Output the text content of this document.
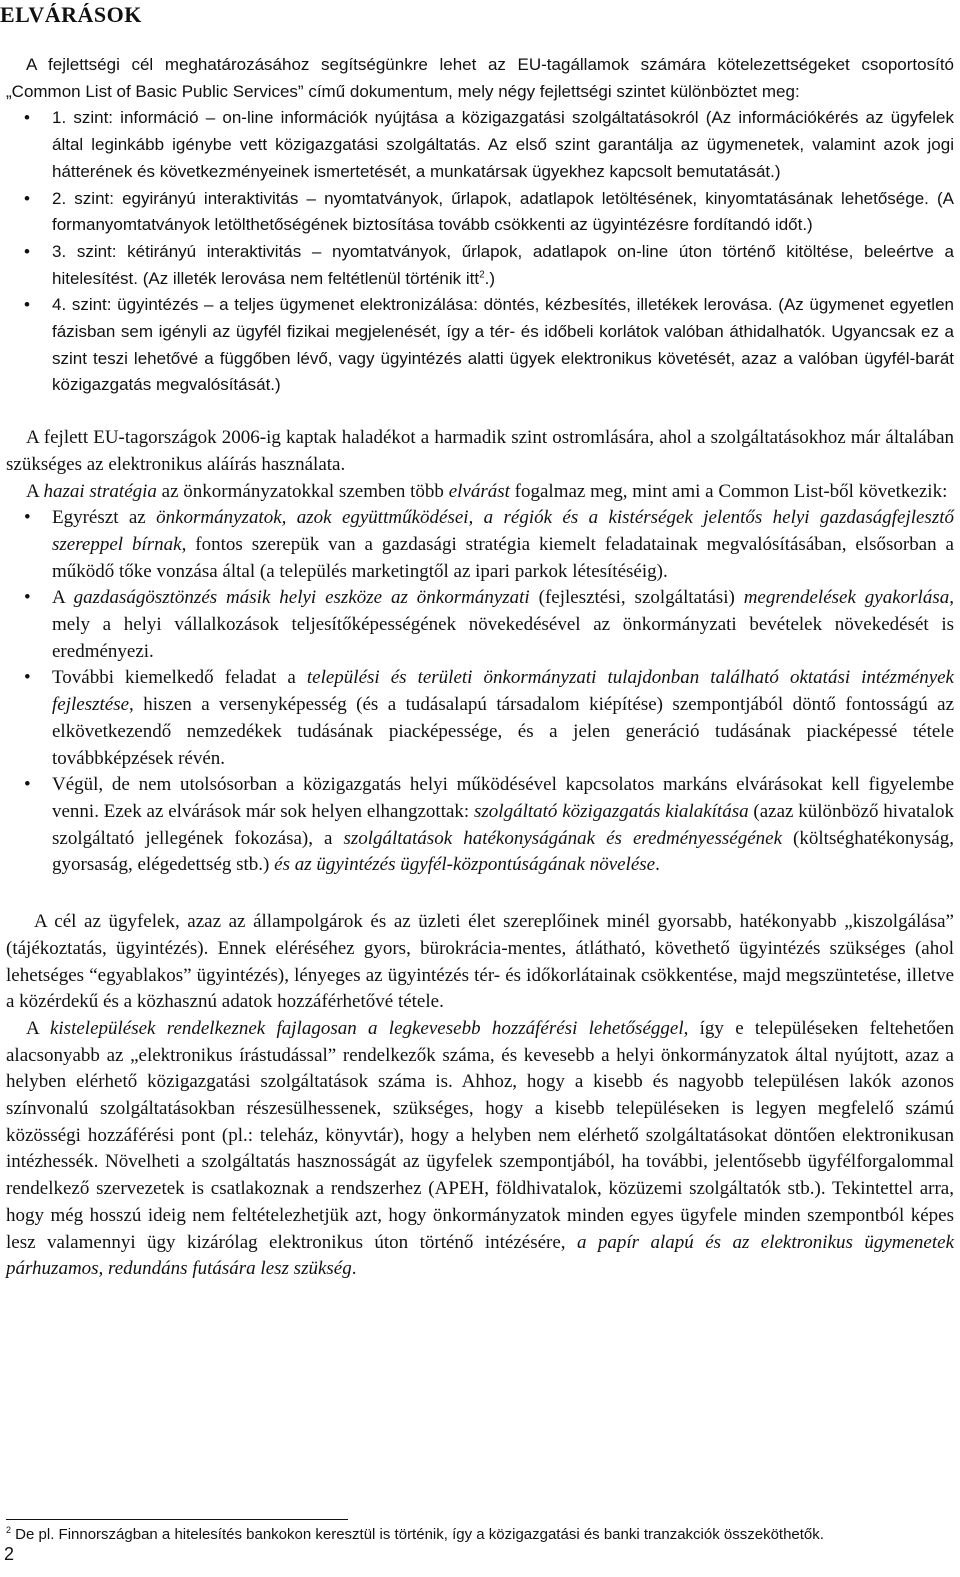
ELVÁRÁSOK

A fejlettségi cél meghatározásához segítségünkre lehet az EU-tagállamok számára kötelezettségeket csoportosító „Common List of Basic Public Services” című dokumentum, mely négy fejlettségi szintet különböztet meg:

• 1. szint: információ – on-line információk nyújtása a közigazgatási szolgáltatásokról (Az információkérés az ügyfelek által leginkább igénybe vett közigazgatási szolgáltatás. Az első szint garantálja az ügymenetek, valamint azok jogi hátterének és következményeinek ismertetését, a munkatársak ügyekhez kapcsolt bemutatását.)
• 2. szint: egyirányú interaktivitás – nyomtatványok, űrlapok, adatlapok letöltésének, kinyomtatásának lehetősége. (A formanyomtatványok letölthetőségének biztosítása tovább csökkenti az ügyintézésre fordítandó időt.)
• 3. szint: kétirányú interaktivitás – nyomtatványok, űrlapok, adatlapok on-line úton történő kitöltése, beleértve a hitelesítést. (Az illeték lerovása nem feltétlenül történik itt$^2$.)
• 4. szint: ügyintézés – a teljes ügymenet elektronizálása: döntés, kézbesítés, illetékek lerovása. (Az ügymenet egyetlen fázisban sem igényli az ügyfél fizikai megjelenését, így a tér- és időbeli korlátok valóban áthidalhatók. Ugyancsak ez a szint teszi lehetővé a függőben lévő, vagy ügyintézés alatti ügyek elektronikus követését, azaz a valóban ügyfél-barát közigazgatás megvalósítását.)

A fejlett EU-tagországok 2006-ig kaptak haladékot a harmadik szint ostromlására, ahol a szolgáltatásokhoz már általában szükséges az elektronikus aláírás használata.

A hazai stratégia az önkormányzatokkal szemben több elvárást fogalmaz meg, mint ami a Common List-ből következik:

• Egyrészt az önkormányzatok, azok együttműködései, a régiók és a kistérségek jelentős helyi gazdaságfejlesztő szereppel bírnak, fontos szerepük van a gazdasági stratégia kiemelt feladatainak megvalósításában, elsősorban a működő tőke vonzása által (a település marketingtől az ipari parkok létesítéséig).
• A gazdaságösztönzés másik helyi eszköze az önkormányzati (fejlesztési, szolgáltatási) megrendelések gyakorlása, mely a helyi vállalkozások teljesítőképességének növekedésével az önkormányzati bevételek növekedését is eredményezi.
• További kiemelkedő feladat a települési és területi önkormányzati tulajdonban található oktatási intézmények fejlesztése, hiszen a versenyképesség (és a tudásalapú társadalom kiépítése) szempontjából döntő fontosságú az elkövetkezendő nemzedékek tudásának piacképessége, és a jelen generáció tudásának piacképessé tétele továbbképzések révén.
• Végül, de nem utolsósorban a közigazgatás helyi működésével kapcsolatos markáns elvárásokat kell figyelembe venni. Ezek az elvárások már sok helyen elhangzottak: szolgáltató közigazgatás kialakítása (azaz különböző hivatalok szolgáltató jellegének fokozása), a szolgáltatások hatékonyságának és eredményességének (költséghatékonyság, gyorsaság, elégedettség stb.) és az ügyintézés ügyfél-központúságának növelése.

A cél az ügyfelek, azaz az állampolgárok és az üzleti élet szereplőinek minél gyorsabb, hatékonyabb „kiszolgálása” (tájékoztatás, ügyintézés). Ennek eléréséhez gyors, bürokrácia-mentes, átlátható, követhető ügyintézés szükséges (ahol lehetséges “egyablakos” ügyintézés), lényeges az ügyintézés tér- és időkorlátainak csökkentése, majd megszüntetése, illetve a közérdekű és a közhasznú adatok hozzáférhetővé tétele.

A kistelepülések rendelkeznek fajlagosan a legkevesebb hozzáférési lehetőséggel, így e településeken feltehetően alacsonyabb az „elektronikus írástudással” rendelkezők száma, és kevesebb a helyi önkormányzatok által nyújtott, azaz a helyben elérhető közigazgatási szolgáltatások száma is. Ahhoz, hogy a kisebb és nagyobb településen lakók azonos színvonalú szolgáltatásokban részesülhessenek, szükséges, hogy a kisebb településeken is legyen megfelelő számú közösségi hozzáférési pont (pl.: teleház, könyvtár), hogy a helyben nem elérhető szolgáltatásokat döntően elektronikusan intézhessék. Növelheti a szolgáltatás hasznosságát az ügyfelek szempontjából, ha további, jelentősebb ügyfélforgalommal rendelkező szervezetek is csatlakoznak a rendszerhez (APEH, földhivatalok, közüzemi szolgáltatók stb.). Tekintettel arra, hogy még hosszú ideig nem feltételezhetjük azt, hogy önkormányzatok minden egyes ügyfele minden szempontból képes lesz valamennyi ügy kizárólag elektronikus úton történő intézésére, a papír alapú és az elektronikus ügymenetek párhuzamos, redundáns futására lesz szükség.

$^2$ De pl. Finnországban a hitelesítés bankokon keresztül is történik, így a közigazgatási és banki tranzakciók összeköthetők.
2
